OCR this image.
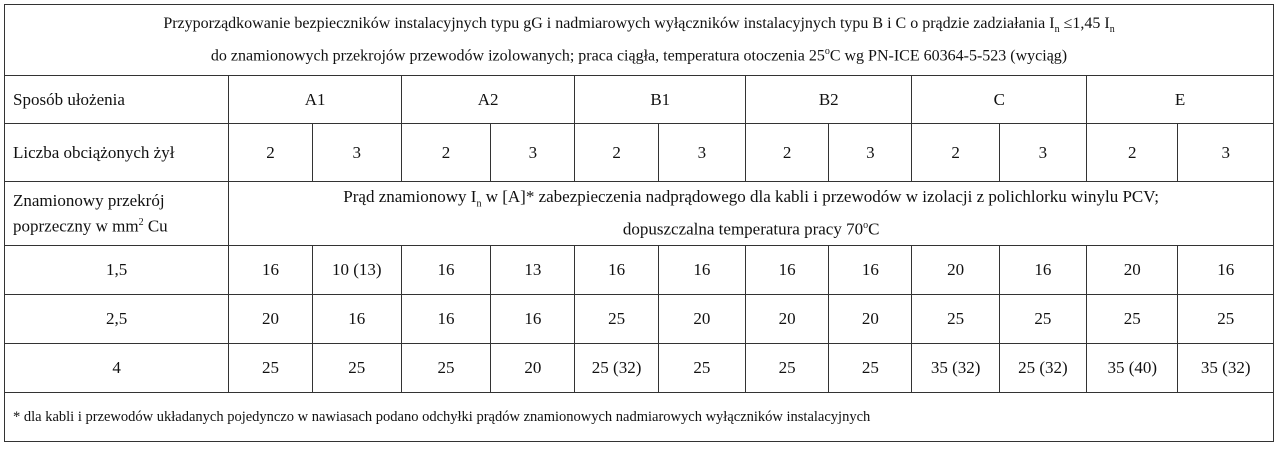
Przyporządkowanie bezpieczników instalacyjnych typu gG i nadmiarowych wyłączników instalacyjnych typu B i C o prądzie zadziałania $I_n \le 1,45$ $I_n$
do znamionowych przekrojów przewodów izolowanych; praca ciągła, temperatura otoczenia 25$^o$C wg PN-ICE 60364-5-523 (wyciąg)												
Sposób ułożenia	A1		A2		B1		B2		C		E	
Liczba obciążonych żył	2	3	2	3	2	3	2	3	2	3	2	3
Znamionowy przekrój
poprzeczny w $mm^2$ Cu	Prąd znamionowy $I_n$ w [A]* zabezpieczenia nadprądowego dla kabli i przewodów w izolacji z polichlorku winylu PCV;
dopuszczalna temperatura pracy 70$^o$C											
1,5	16	10 (13)	16	13	16	16	16	16	20	16	20	16
2,5	20	16	16	16	25	20	20	20	25	25	25	25
4	25	25	25	20	25 (32)	25	25	25	35 (32)	25 (32)	35 (40)	35 (32)
* dla kabli i przewodów układanych pojedynczo w nawiasach podano odchyłki prądów znamionowych nadmiarowych wyłączników instalacyjnych												
